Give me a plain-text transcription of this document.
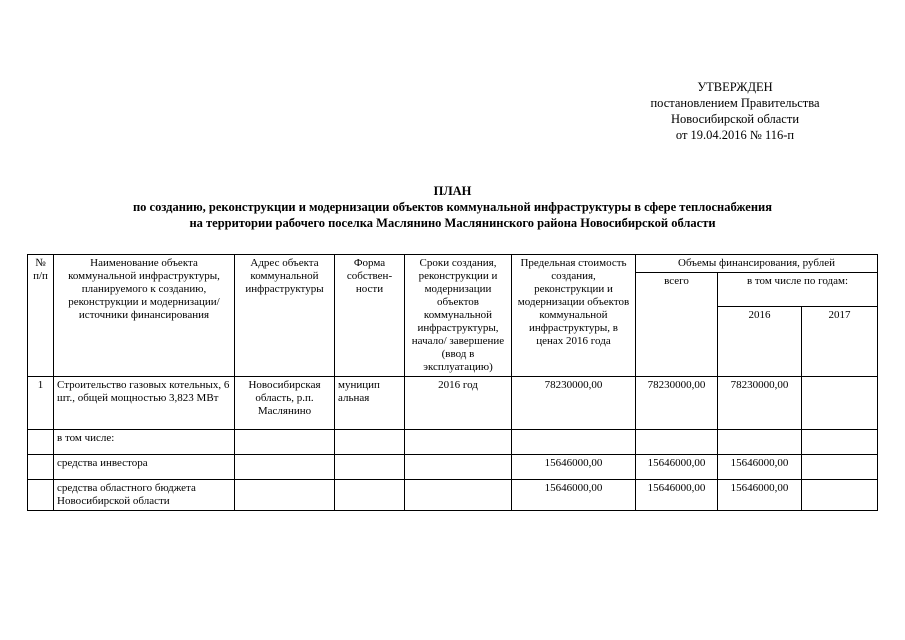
УТВЕРЖДЕН
постановлением Правительства
Новосибирской области
от 19.04.2016 № 116-п
ПЛАН
по созданию, реконструкции и модернизации объектов коммунальной инфраструктуры в сфере теплоснабжения
на территории рабочего поселка Маслянино Маслянинского района Новосибирской области
№ п/п	Наименование объекта коммунальной инфраструктуры, планируемого к созданию, реконструкции и модернизации/источники финансирования	Адрес объекта коммунальной инфраструктуры	Форма собствен-ности	Сроки создания, реконструкции и модернизации объектов коммунальной инфраструктуры, начало/ завершение (ввод в эксплуатацию)	Предельная стоимость создания, реконструкции и модернизации объектов коммунальной инфраструктуры, в ценах 2016 года	Объемы финансирования, рублей		
						всего	в том числе по годам:	
							2016	2017
1	Строительство газовых котельных, 6 шт., общей мощностью 3,823 МВт	Новосибирская область, р.п. Маслянино	муницип альная	2016 год	78230000,00	78230000,00	78230000,00	
	в том числе:							
	средства инвестора				15646000,00	15646000,00	15646000,00	
	средства областного бюджета Новосибирской области				15646000,00	15646000,00	15646000,00	
